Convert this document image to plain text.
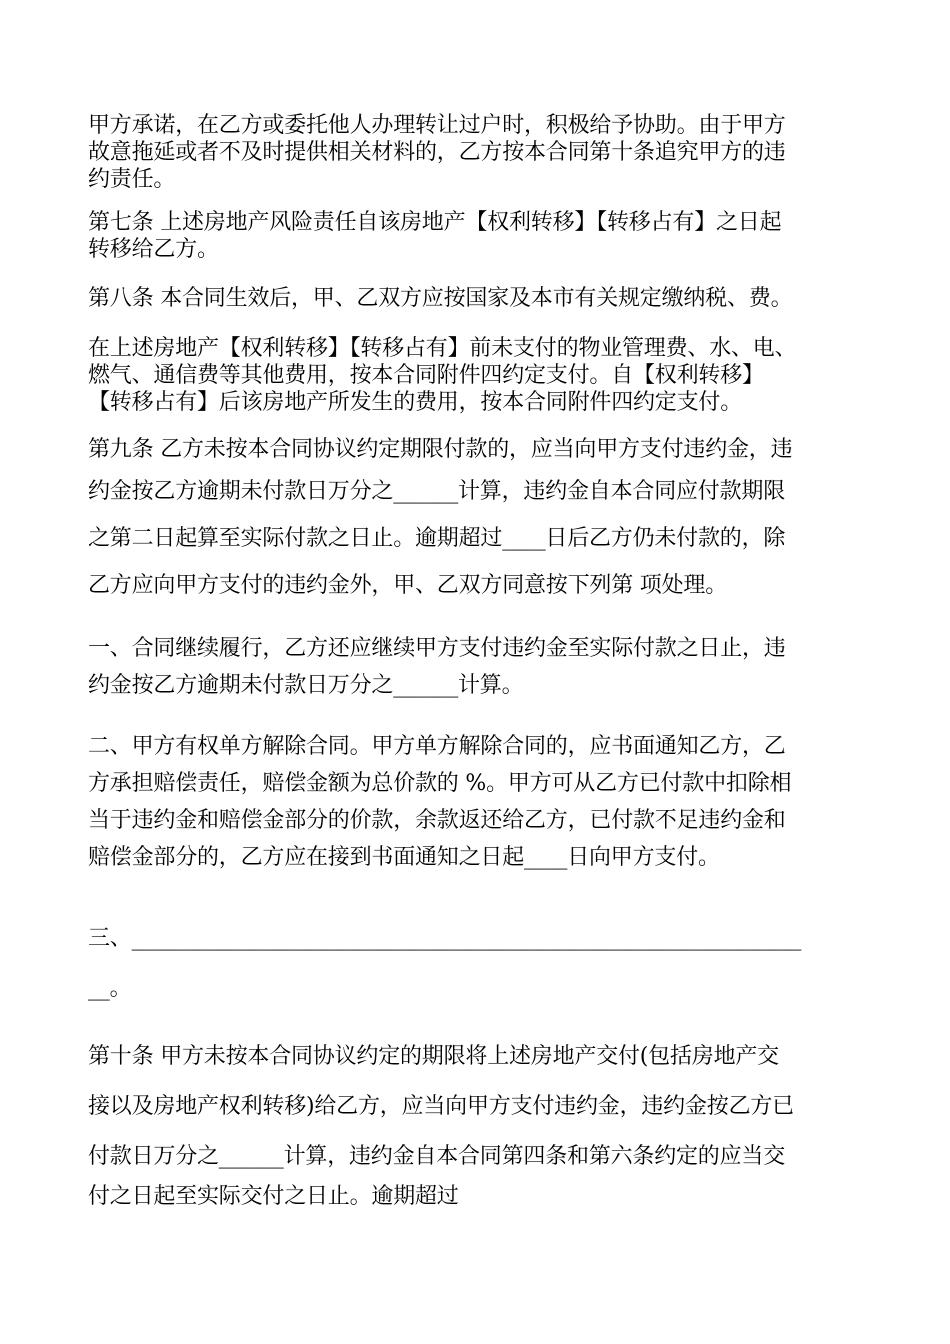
甲方承诺，在乙方或委托他人办理转让过户时，积极给予协助。由于甲方
故意拖延或者不及时提供相关材料的，乙方按本合同第十条追究甲方的违
约责任。

第七条 上述房地产风险责任自该房地产【权利转移】【转移占有】之日起
转移给乙方。

第八条 本合同生效后，甲、乙双方应按国家及本市有关规定缴纳税、费。

在上述房地产【权利转移】【转移占有】前未支付的物业管理费、水、电、
燃气、通信费等其他费用，按本合同附件四约定支付。自【权利转移】
【转移占有】后该房地产所发生的费用，按本合同附件四约定支付。

第九条 乙方未按本合同协议约定期限付款的，应当向甲方支付违约金，违
约金按乙方逾期未付款日万分之______计算，违约金自本合同应付款期限
之第二日起算至实际付款之日止。逾期超过____日后乙方仍未付款的，除
乙方应向甲方支付的违约金外，甲、乙双方同意按下列第 项处理。

一、合同继续履行，乙方还应继续甲方支付违约金至实际付款之日止，违
约金按乙方逾期未付款日万分之______计算。

二、甲方有权单方解除合同。甲方单方解除合同的，应书面通知乙方，乙
方承担赔偿责任，赔偿金额为总价款的 %。甲方可从乙方已付款中扣除相
当于违约金和赔偿金部分的价款，余款返还给乙方，已付款不足违约金和
赔偿金部分的，乙方应在接到书面通知之日起____日向甲方支付。

三、______________________________________________________________
__。

第十条 甲方未按本合同协议约定的期限将上述房地产交付(包括房地产交
接以及房地产权利转移)给乙方，应当向甲方支付违约金，违约金按乙方已
付款日万分之______计算，违约金自本合同第四条和第六条约定的应当交
付之日起至实际交付之日止。逾期超过
